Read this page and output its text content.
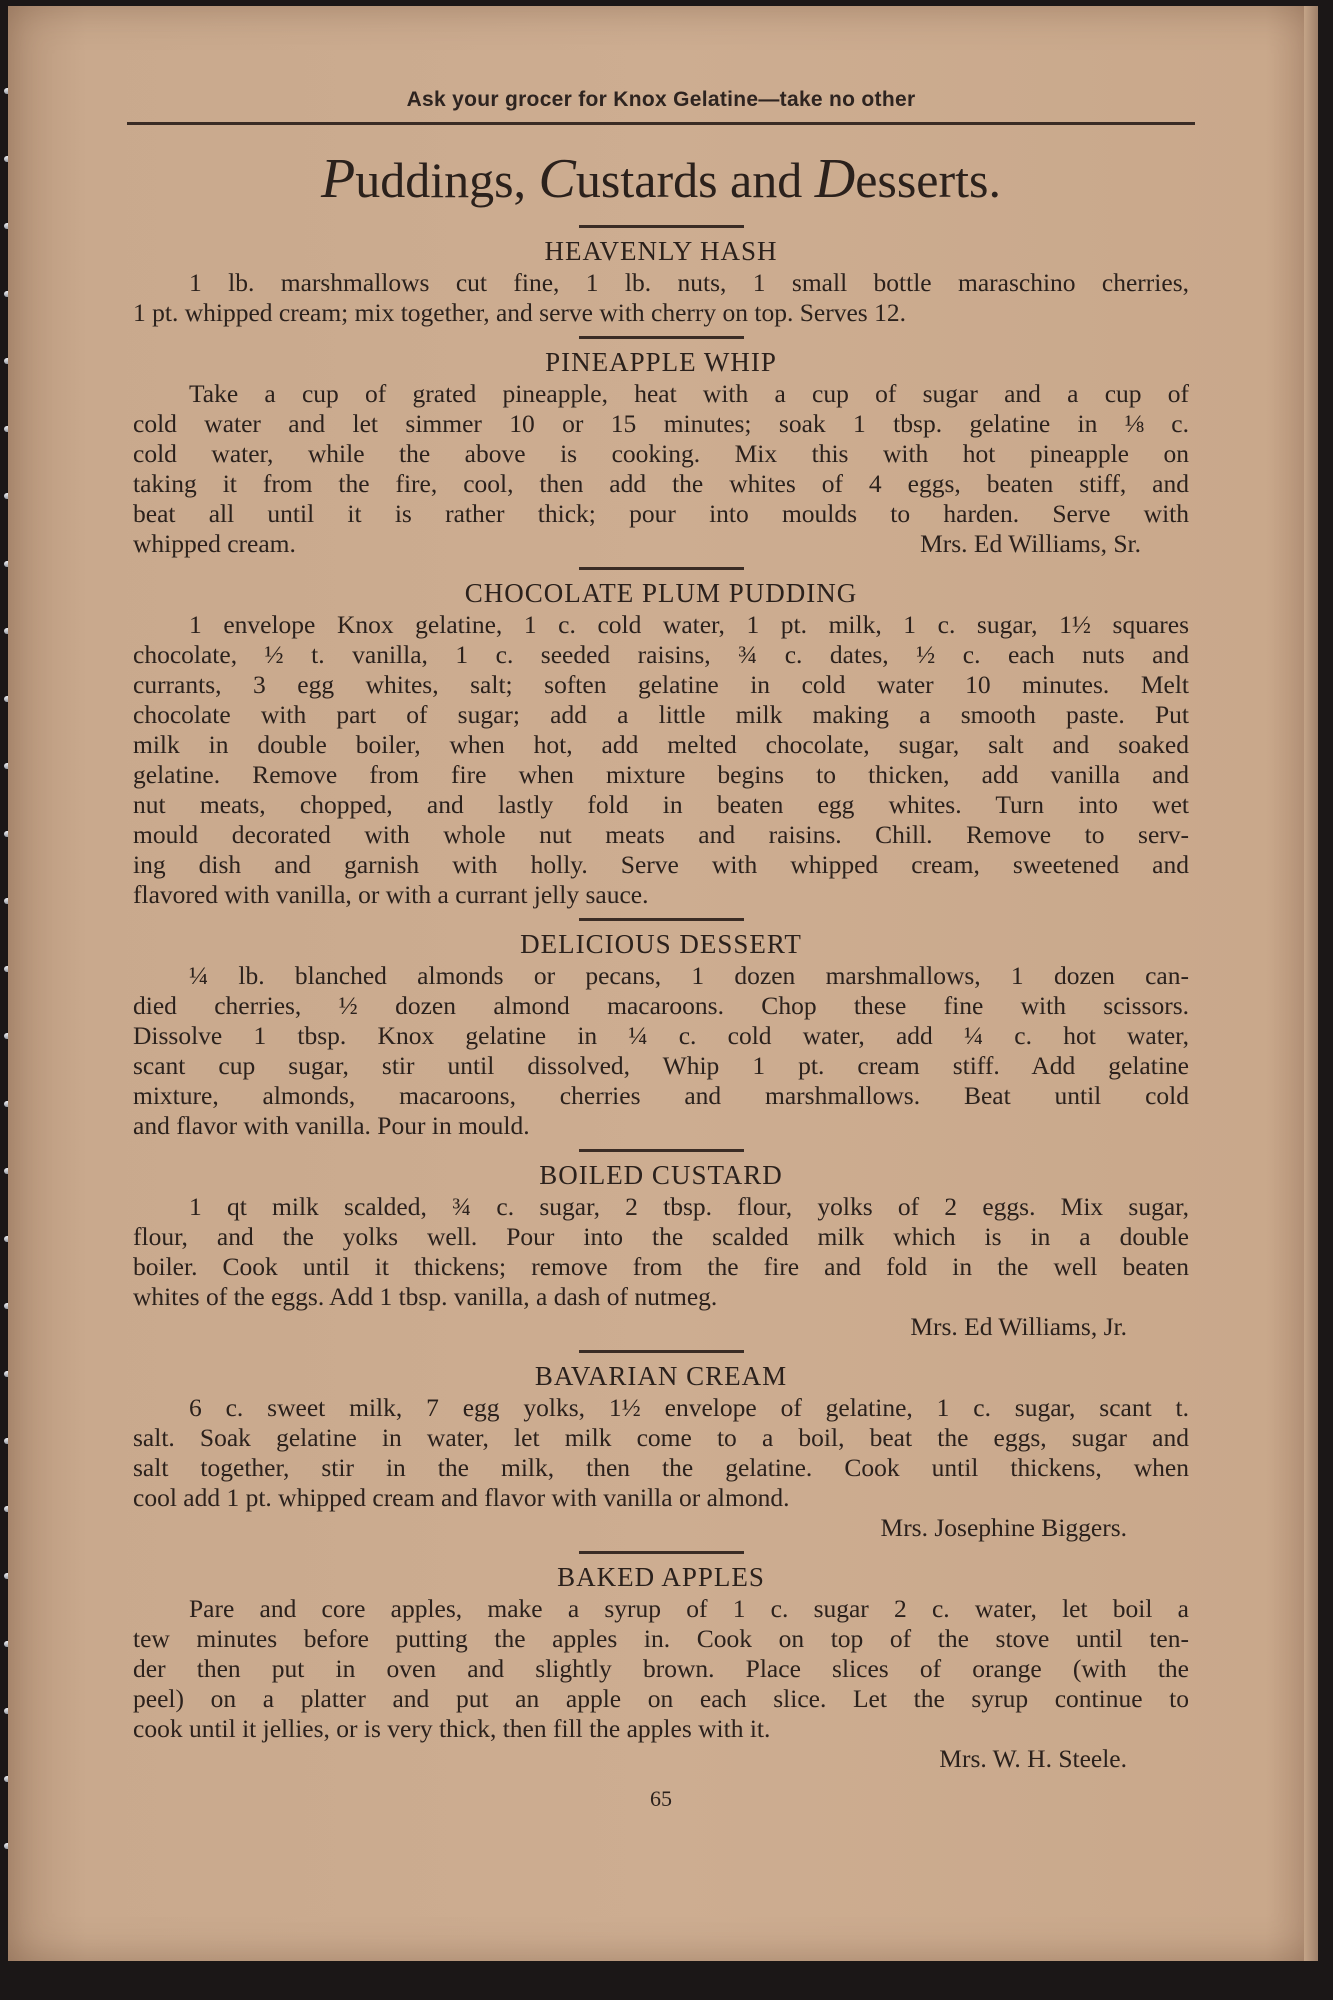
Ask your grocer for Knox Gelatine—take no other
Puddings, Custards and Desserts.
HEAVENLY HASH
1 lb. marshmallows cut fine, 1 lb. nuts, 1 small bottle maraschino cherries,
1 pt. whipped cream; mix together, and serve with cherry on top. Serves 12.
PINEAPPLE WHIP
Take a cup of grated pineapple, heat with a cup of sugar and a cup of
cold water and let simmer 10 or 15 minutes; soak 1 tbsp. gelatine in ⅛ c.
cold water, while the above is cooking. Mix this with hot pineapple on
taking it from the fire, cool, then add the whites of 4 eggs, beaten stiff, and
beat all until it is rather thick; pour into moulds to harden. Serve with
whipped cream.	Mrs. Ed Williams, Sr.
CHOCOLATE PLUM PUDDING
1 envelope Knox gelatine, 1 c. cold water, 1 pt. milk, 1 c. sugar, 1½ squares
chocolate, ½ t. vanilla, 1 c. seeded raisins, ¾ c. dates, ½ c. each nuts and
currants, 3 egg whites, salt; soften gelatine in cold water 10 minutes. Melt
chocolate with part of sugar; add a little milk making a smooth paste. Put
milk in double boiler, when hot, add melted chocolate, sugar, salt and soaked
gelatine. Remove from fire when mixture begins to thicken, add vanilla and
nut meats, chopped, and lastly fold in beaten egg whites. Turn into wet
mould decorated with whole nut meats and raisins. Chill. Remove to serv-
ing dish and garnish with holly. Serve with whipped cream, sweetened and
flavored with vanilla, or with a currant jelly sauce.
DELICIOUS DESSERT
¼ lb. blanched almonds or pecans, 1 dozen marshmallows, 1 dozen can-
died cherries, ½ dozen almond macaroons. Chop these fine with scissors.
Dissolve 1 tbsp. Knox gelatine in ¼ c. cold water, add ¼ c. hot water,
scant cup sugar, stir until dissolved, Whip 1 pt. cream stiff. Add gelatine
mixture, almonds, macaroons, cherries and marshmallows. Beat until cold
and flavor with vanilla. Pour in mould.
BOILED CUSTARD
1 qt milk scalded, ¾ c. sugar, 2 tbsp. flour, yolks of 2 eggs. Mix sugar,
flour, and the yolks well. Pour into the scalded milk which is in a double
boiler. Cook until it thickens; remove from the fire and fold in the well beaten
whites of the eggs. Add 1 tbsp. vanilla, a dash of nutmeg.
Mrs. Ed Williams, Jr.
BAVARIAN CREAM
6 c. sweet milk, 7 egg yolks, 1½ envelope of gelatine, 1 c. sugar, scant t.
salt. Soak gelatine in water, let milk come to a boil, beat the eggs, sugar and
salt together, stir in the milk, then the gelatine. Cook until thickens, when
cool add 1 pt. whipped cream and flavor with vanilla or almond.
Mrs. Josephine Biggers.
BAKED APPLES
Pare and core apples, make a syrup of 1 c. sugar 2 c. water, let boil a
tew minutes before putting the apples in. Cook on top of the stove until ten-
der then put in oven and slightly brown. Place slices of orange (with the
peel) on a platter and put an apple on each slice. Let the syrup continue to
cook until it jellies, or is very thick, then fill the apples with it.
Mrs. W. H. Steele.
65
